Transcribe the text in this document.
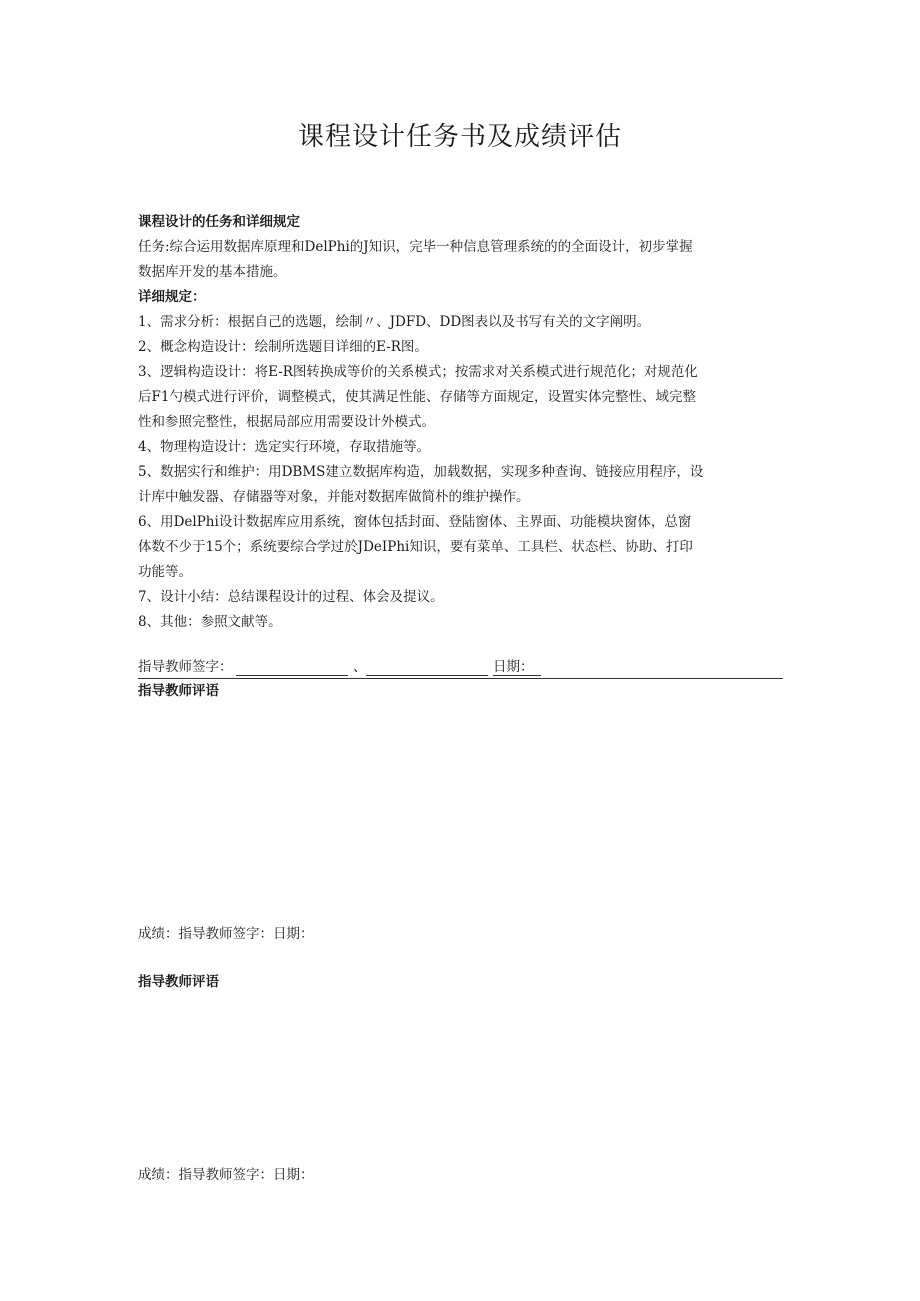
课程设计任务书及成绩评估
课程设计的任务和详细规定
任务:综合运用数据库原理和DelPhi的J知识，完毕一种信息管理系统的的全面设计，初步掌握
数据库开发的基本措施。
详细规定：
1、需求分析：根据自己的选题，绘制〃、JDFD、DD图表以及书写有关的文字阐明。
2、概念构造设计：绘制所选题目详细的E-R图。
3、逻辑构造设计：将E-R图转换成等价的关系模式；按需求对关系模式进行规范化；对规范化
后F1勺模式进行评价，调整模式，使其满足性能、存储等方面规定，设置实体完整性、域完整
性和参照完整性，根据局部应用需要设计外模式。
4、物理构造设计：选定实行环境，存取措施等。
5、数据实行和维护：用DBMS建立数据库构造，加载数据，实现多种查询、链接应用程序，设
计库中触发器、存储器等对象，并能对数据库做简朴的维护操作。
6、用DelPhi设计数据库应用系统，窗体包括封面、登陆窗体、主界面、功能模块窗体，总窗
体数不少于15个；系统要综合学过於JDeIPhi知识，要有菜单、工具栏、状态栏、协助、打印
功能等。
7、设计小结：总结课程设计的过程、体会及提议。
8、其他：参照文献等。
指导教师签字：	、	日期：
指导教师评语
成绩：指导教师签字：日期：
指导教师评语
成绩：指导教师签字：日期：
